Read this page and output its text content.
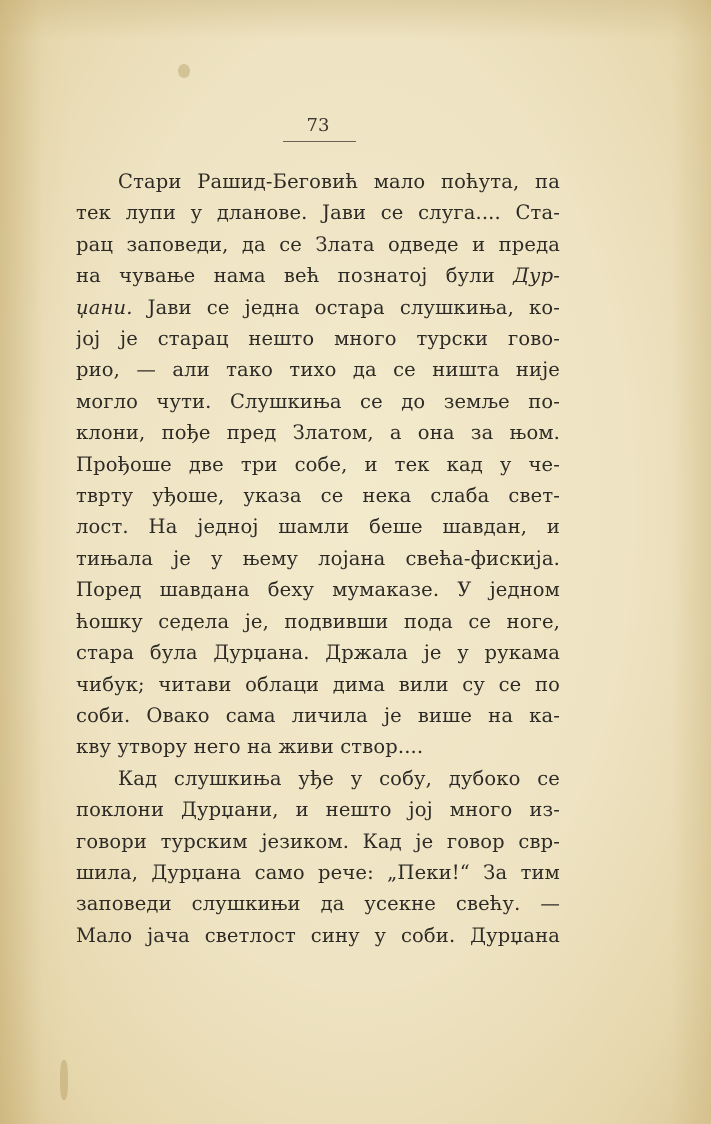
73
Стари Рашид-Беговић мало поћута, па
тек лупи у дланове. Јави се слуга.... Ста-
рац заповеди, да се Злата одведе и преда
на чување нама већ познатој були Дур-
џани. Јави се једна остара слушкиња, ко-
јој је старац нешто много турски гово-
рио, — али тако тихо да се ништа није
могло чути. Слушкиња се до земље по-
клони, пође пред Златом, а она за њом.
Прођоше две три собе, и тек кад у че-
тврту уђоше, указа се нека слаба свет-
лост. На једној шамли беше шавдан, и
тињала је у њему лојана свећа-фискија.
Поред шавдана беху мумаказе. У једном
ћошку седела је, подвивши пода се ноге,
стара була Дурџана. Држала је у рукама
чибук; читави облаци дима вили су се по
соби. Овако сама личила је више на ка-
кву утвору него на живи створ....
Кад слушкиња уђе у собу, дубоко се
поклони Дурџани, и нешто јој много из-
говори турским језиком. Кад је говор свр-
шила, Дурџана само рече: „Пеки!“ За тим
заповеди слушкињи да усекне свећу. —
Мало јача светлост сину у соби. Дурџана
